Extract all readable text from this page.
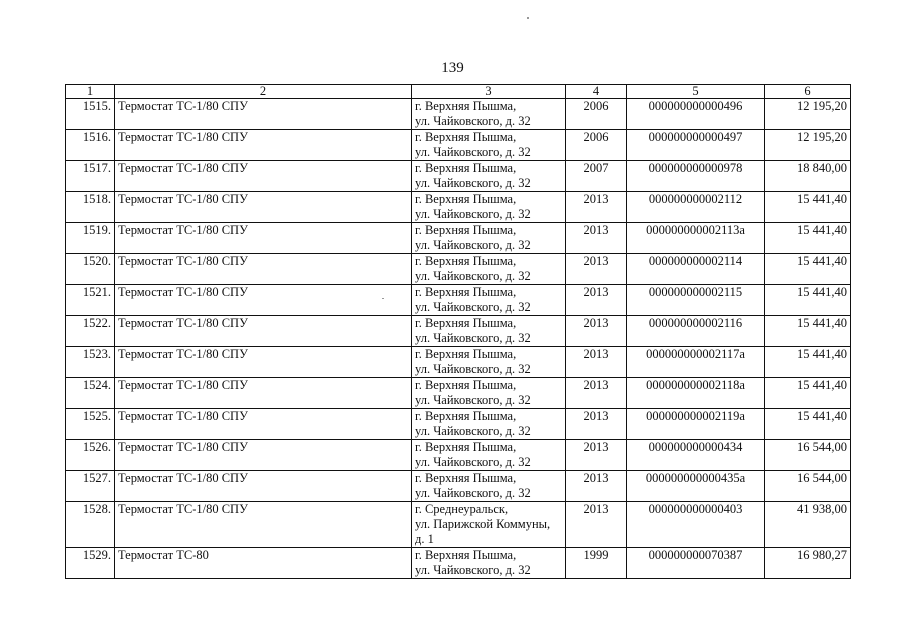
139
1	2	3	4	5	6
1515.	Термостат ТС-1/80 СПУ	г. Верхняя Пышма,
ул. Чайковского, д. 32	2006	000000000000496	12 195,20
1516.	Термостат ТС-1/80 СПУ	г. Верхняя Пышма,
ул. Чайковского, д. 32	2006	000000000000497	12 195,20
1517.	Термостат ТС-1/80 СПУ	г. Верхняя Пышма,
ул. Чайковского, д. 32	2007	000000000000978	18 840,00
1518.	Термостат ТС-1/80 СПУ	г. Верхняя Пышма,
ул. Чайковского, д. 32	2013	000000000002112	15 441,40
1519.	Термостат ТС-1/80 СПУ	г. Верхняя Пышма,
ул. Чайковского, д. 32	2013	000000000002113а	15 441,40
1520.	Термостат ТС-1/80 СПУ	г. Верхняя Пышма,
ул. Чайковского, д. 32	2013	000000000002114	15 441,40
1521.	Термостат ТС-1/80 СПУ	г. Верхняя Пышма,
ул. Чайковского, д. 32	2013	000000000002115	15 441,40
1522.	Термостат ТС-1/80 СПУ	г. Верхняя Пышма,
ул. Чайковского, д. 32	2013	000000000002116	15 441,40
1523.	Термостат ТС-1/80 СПУ	г. Верхняя Пышма,
ул. Чайковского, д. 32	2013	000000000002117а	15 441,40
1524.	Термостат ТС-1/80 СПУ	г. Верхняя Пышма,
ул. Чайковского, д. 32	2013	000000000002118а	15 441,40
1525.	Термостат ТС-1/80 СПУ	г. Верхняя Пышма,
ул. Чайковского, д. 32	2013	000000000002119а	15 441,40
1526.	Термостат ТС-1/80 СПУ	г. Верхняя Пышма,
ул. Чайковского, д. 32	2013	000000000000434	16 544,00
1527.	Термостат ТС-1/80 СПУ	г. Верхняя Пышма,
ул. Чайковского, д. 32	2013	000000000000435а	16 544,00
1528.	Термостат ТС-1/80 СПУ	г. Среднеуральск,
ул. Парижской Коммуны,
д. 1	2013	000000000000403	41 938,00
1529.	Термостат ТС-80	г. Верхняя Пышма,
ул. Чайковского, д. 32	1999	000000000070387	16 980,27
